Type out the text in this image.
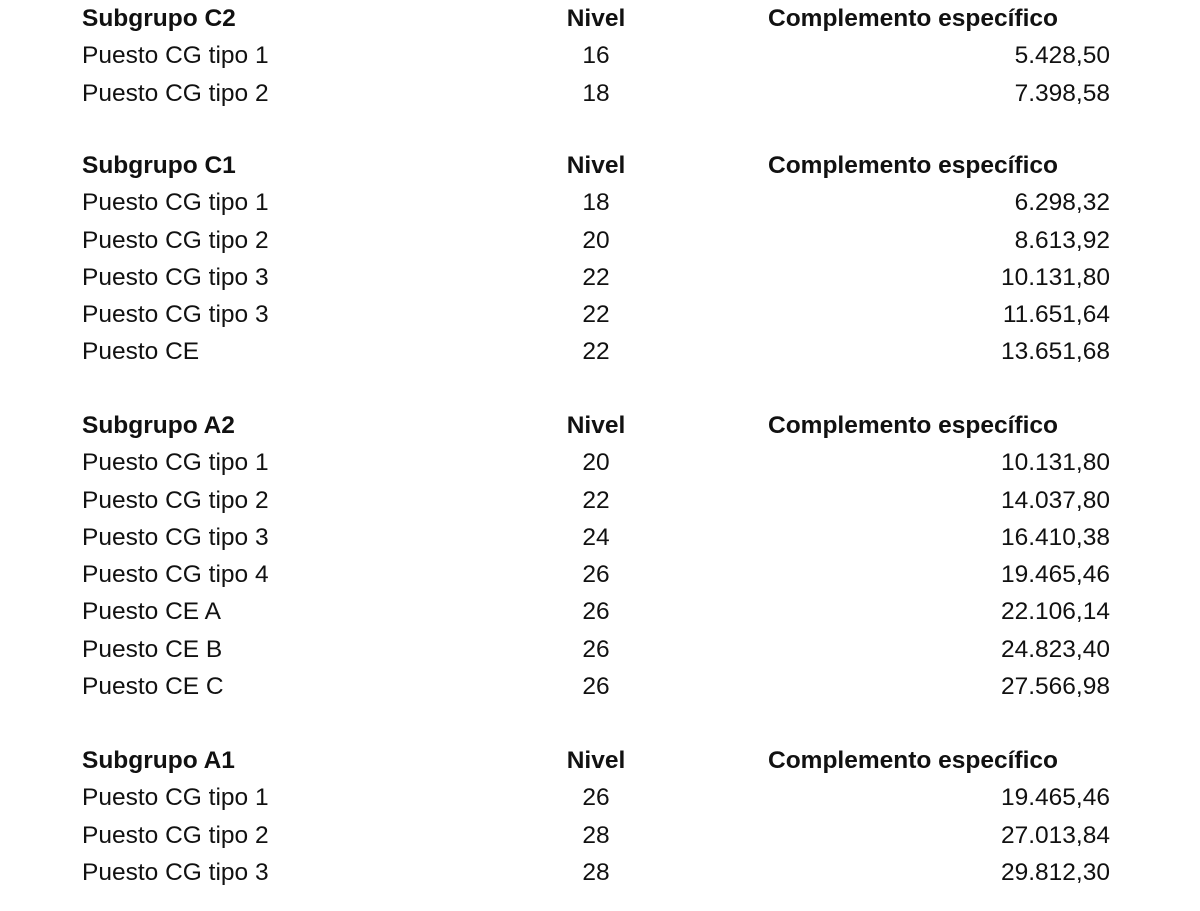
Subgrupo C2	Nivel	Complemento específico
Puesto CG tipo 1	16	5.428,50
Puesto CG tipo 2	18	7.398,58
Subgrupo C1	Nivel	Complemento específico
Puesto CG tipo 1	18	6.298,32
Puesto CG tipo 2	20	8.613,92
Puesto CG tipo 3	22	10.131,80
Puesto CG tipo 3	22	11.651,64
Puesto CE	22	13.651,68
Subgrupo A2	Nivel	Complemento específico
Puesto CG tipo 1	20	10.131,80
Puesto CG tipo 2	22	14.037,80
Puesto CG tipo 3	24	16.410,38
Puesto CG tipo 4	26	19.465,46
Puesto CE A	26	22.106,14
Puesto CE B	26	24.823,40
Puesto CE C	26	27.566,98
Subgrupo A1	Nivel	Complemento específico
Puesto CG tipo 1	26	19.465,46
Puesto CG tipo 2	28	27.013,84
Puesto CG tipo 3	28	29.812,30
